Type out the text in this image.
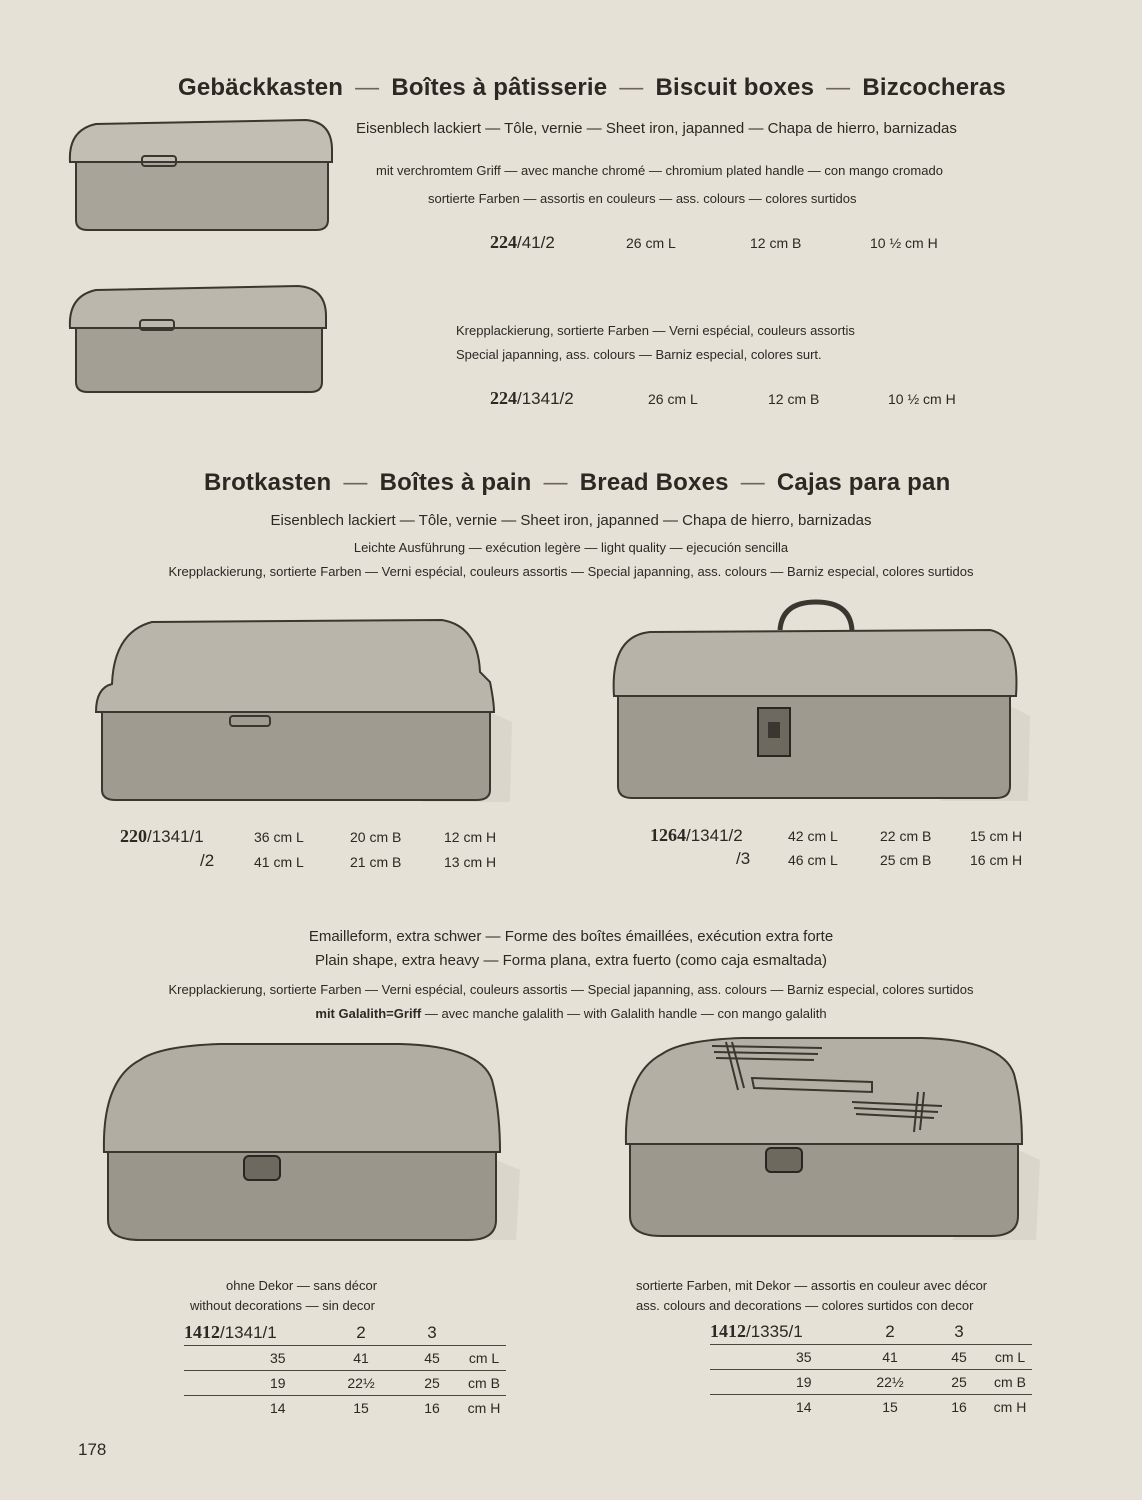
Gebäckkasten — Boîtes à pâtisserie — Biscuit boxes — Bizcocheras
Eisenblech lackiert — Tôle, vernie — Sheet iron, japanned — Chapa de hierro, barnizadas
mit verchromtem Griff — avec manche chromé — chromium plated handle — con mango cromado
sortierte Farben — assortis en couleurs — ass. colours — colores surtidos
224/41/2	26 cm L	12 cm B	10 ½ cm H
Krepplackierung, sortierte Farben — Verni espécial, couleurs assortis
Special japanning, ass. colours — Barniz especial, colores surt.
224/1341/2	26 cm L	12 cm B	10 ½ cm H
Brotkasten — Boîtes à pain — Bread Boxes — Cajas para pan
Eisenblech lackiert — Tôle, vernie — Sheet iron, japanned — Chapa de hierro, barnizadas
Leichte Ausführung — exécution legère — light quality — ejecución sencilla
Krepplackierung, sortierte Farben — Verni espécial, couleurs assortis — Special japanning, ass. colours — Barniz especial, colores surtidos
220/1341/1	36 cm L	20 cm B	12 cm H
/2	41 cm L	21 cm B	13 cm H
1264/1341/2	42 cm L	22 cm B	15 cm H
/3	46 cm L	25 cm B	16 cm H
Emailleform, extra schwer — Forme des boîtes émaillées, exécution extra forte
Plain shape, extra heavy — Forma plana, extra fuerto (como caja esmaltada)
Krepplackierung, sortierte Farben — Verni espécial, couleurs assortis — Special japanning, ass. colours — Barniz especial, colores surtidos
mit Galalith=Griff — avec manche galalith — with Galalith handle — con mango galalith
ohne Dekor — sans décor
without decorations — sin decor
1412/1341/1	2	3	
35	41	45	cm L
19	22½	25	cm B
14	15	16	cm H
sortierte Farben, mit Dekor — assortis en couleur avec décor
ass. colours and decorations — colores surtidos con decor
1412/1335/1	2	3	
35	41	45	cm L
19	22½	25	cm B
14	15	16	cm H
178
